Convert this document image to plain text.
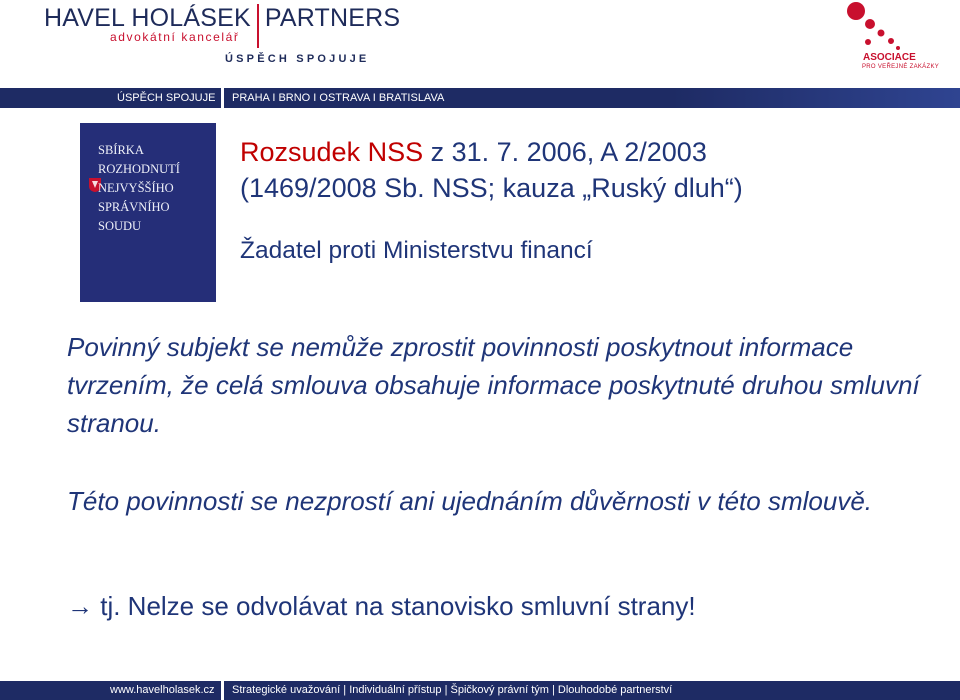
HAVEL HOLÁSEK PARTNERS
advokátní kancelář
ÚSPĚCH SPOJUJE	ASOCIACE
PRO VEŘEJNÉ ZAKÁZKY
ÚSPĚCH SPOJUJE PRAHA I BRNO I OSTRAVA I BRATISLAVA
SBÍRKA
ROZHODNUTÍ
NEJVYŠŠÍHO
SPRÁVNÍHO
SOUDU
Rozsudek NSS z 31. 7. 2006, A 2/2003
(1469/2008 Sb. NSS; kauza „Ruský dluh“)
Žadatel proti Ministerstvu financí
Povinný subjekt se nemůže zprostit povinnosti poskytnout informace tvrzením, že celá smlouva obsahuje informace poskytnuté druhou smluvní stranou.
Této povinnosti se nezprostí ani ujednáním důvěrnosti v této smlouvě.
→ tj. Nelze se odvolávat na stanovisko smluvní strany!
www.havelholasek.cz Strategické uvažování | Individuální přístup | Špičkový právní tým | Dlouhodobé partnerství
